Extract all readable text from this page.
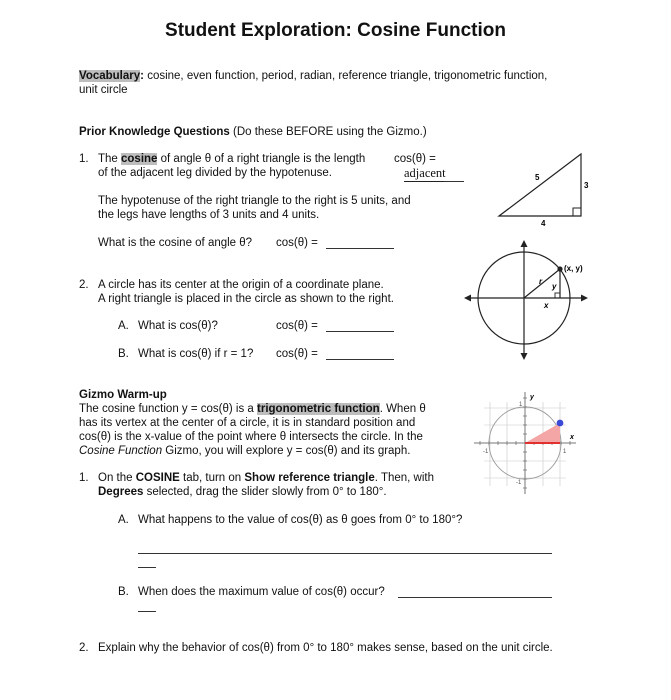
Student Exploration: Cosine Function
Vocabulary: cosine, even function, period, radian, reference triangle, trigonometric function,
unit circle
Prior Knowledge Questions (Do these BEFORE using the Gizmo.)
1. The cosine of angle θ of a right triangle is the length
of the adjacent leg divided by the hypotenuse.
cos(θ) =
adjacent
The hypotenuse of the right triangle to the right is 5 units, and
the legs have lengths of 3 units and 4 units.
What is the cosine of angle θ? cos(θ) =
5
3
4
2. A circle has its center at the origin of a coordinate plane.
A right triangle is placed in the circle as shown to the right.
A. What is cos(θ)?	cos(θ) =
B. What is cos(θ) if r = 1? cos(θ) =
(x, y)
r
y
x
Gizmo Warm-up
The cosine function y = cos(θ) is a trigonometric function. When θ
has its vertex at the center of a circle, it is in standard position and
cos(θ) is the x-value of the point where θ intersects the circle. In the
Cosine Function Gizmo, you will explore y = cos(θ) and its graph.
y
x
1
-1
-1	1
1. On the COSINE tab, turn on Show reference triangle. Then, with
Degrees selected, drag the slider slowly from 0° to 180°.
A. What happens to the value of cos(θ) as θ goes from 0° to 180°?
B. When does the maximum value of cos(θ) occur?
2. Explain why the behavior of cos(θ) from 0° to 180° makes sense, based on the unit circle.
